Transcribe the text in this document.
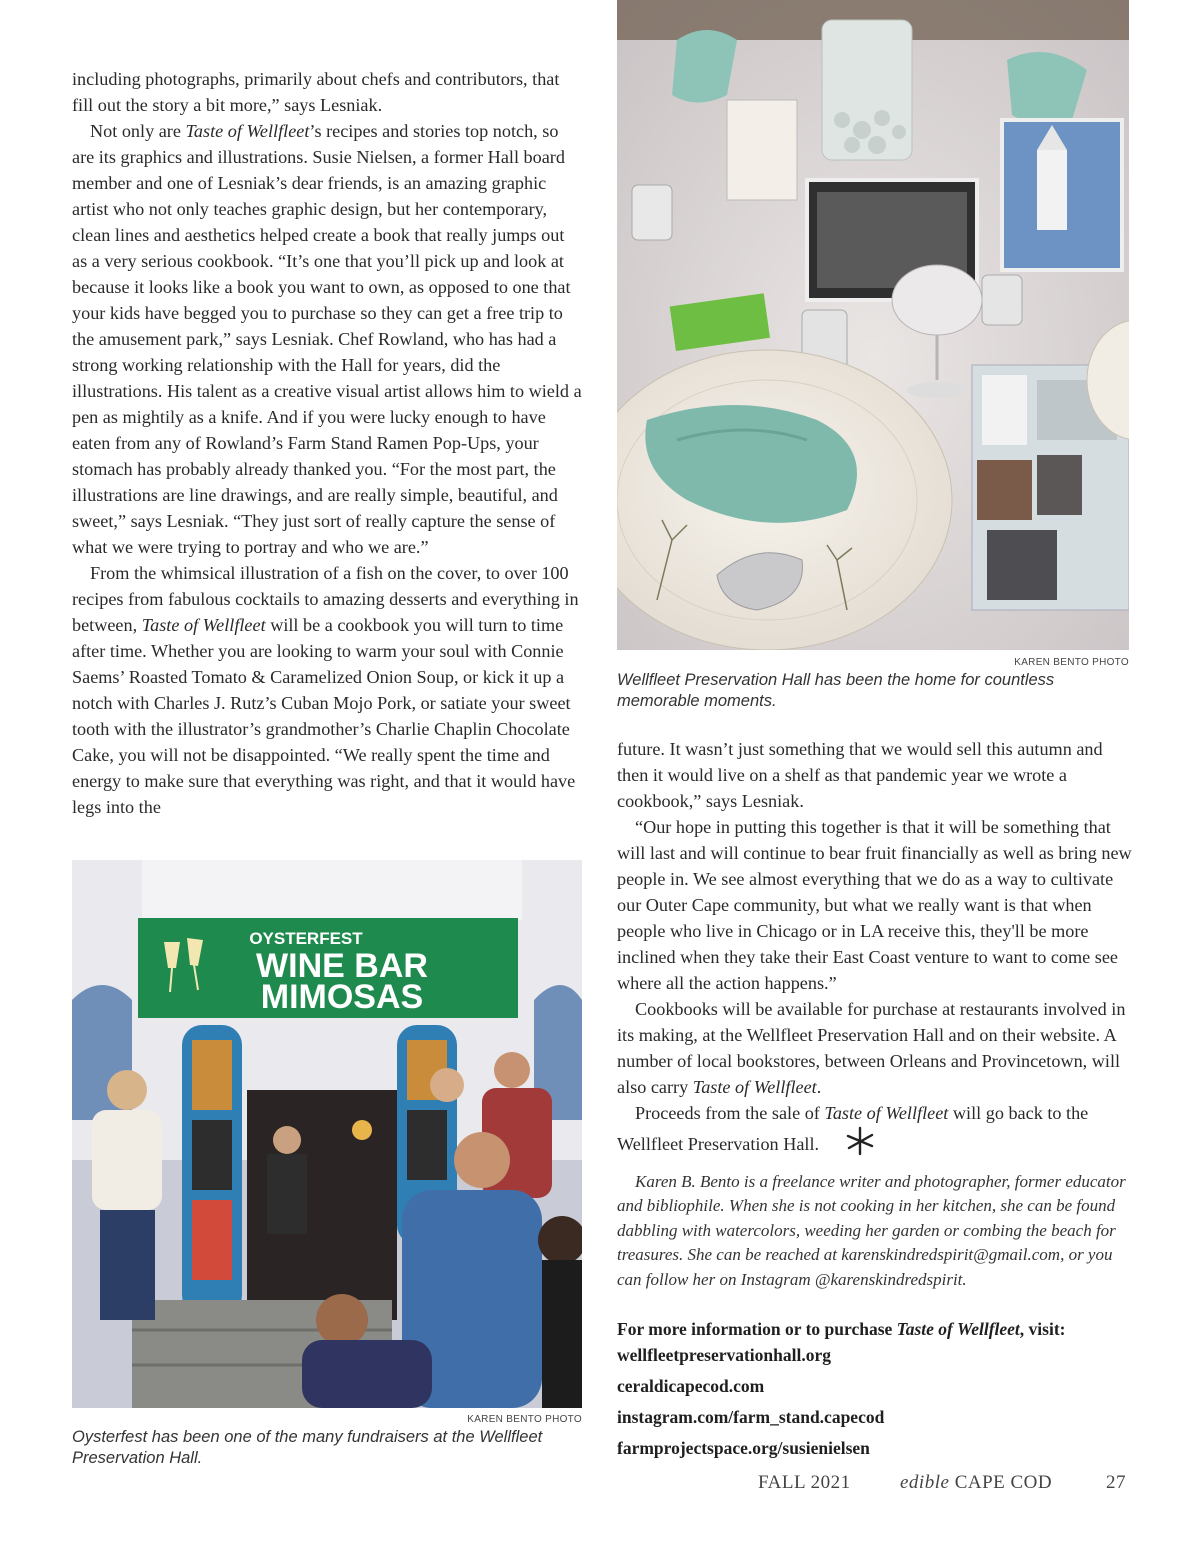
including photographs, primarily about chefs and contributors, that fill out the story a bit more,” says Lesniak.

Not only are Taste of Wellfleet’s recipes and stories top notch, so are its graphics and illustrations. Susie Nielsen, a former Hall board member and one of Lesniak’s dear friends, is an amazing graphic artist who not only teaches graphic design, but her contemporary, clean lines and aesthetics helped create a book that really jumps out as a very serious cookbook. “It’s one that you’ll pick up and look at because it looks like a book you want to own, as opposed to one that your kids have begged you to purchase so they can get a free trip to the amusement park,” says Lesniak. Chef Rowland, who has had a strong working relationship with the Hall for years, did the illustrations. His talent as a creative visual artist allows him to wield a pen as mightily as a knife. And if you were lucky enough to have eaten from any of Rowland’s Farm Stand Ramen Pop-Ups, your stomach has probably already thanked you. “For the most part, the illustrations are line drawings, and are really simple, beautiful, and sweet,” says Lesniak. “They just sort of really capture the sense of what we were trying to portray and who we are.”

From the whimsical illustration of a fish on the cover, to over 100 recipes from fabulous cocktails to amazing desserts and everything in between, Taste of Wellfleet will be a cookbook you will turn to time after time. Whether you are looking to warm your soul with Connie Saems’ Roasted Tomato & Caramelized Onion Soup, or kick it up a notch with Charles J. Rutz’s Cuban Mojo Pork, or satiate your sweet tooth with the illustrator’s grandmother’s Charlie Chaplin Chocolate Cake, you will not be disappointed. “We really spent the time and energy to make sure that everything was right, and that it would have legs into the

KAREN BENTO PHOTO
Wellfleet Preservation Hall has been the home for countless memorable moments.

future. It wasn’t just something that we would sell this autumn and then it would live on a shelf as that pandemic year we wrote a cookbook,” says Lesniak.

“Our hope in putting this together is that it will be something that will last and will continue to bear fruit financially as well as bring new people in. We see almost everything that we do as a way to cultivate our Outer Cape community, but what we really want is that when people who live in Chicago or in LA receive this, they'll be more inclined when they take their East Coast venture to want to come see where all the action happens.”

Cookbooks will be available for purchase at restaurants involved in its making, at the Wellfleet Preservation Hall and on their website. A number of local bookstores, between Orleans and Provincetown, will also carry Taste of Wellfleet.

Proceeds from the sale of Taste of Wellfleet will go back to the Wellfleet Preservation Hall.

Karen B. Bento is a freelance writer and photographer, former educator and bibliophile. When she is not cooking in her kitchen, she can be found dabbling with watercolors, weeding her garden or combing the beach for treasures. She can be reached at karenskindredspirit@gmail.com, or you can follow her on Instagram @karenskindredspirit.
For more information or to purchase Taste of Wellfleet, visit:
wellfleetpreservationhall.org
ceraldicapecod.com
instagram.com/farm_stand.capecod
farmprojectspace.org/susienielsen
OYSTERFEST
WINE BAR
MIMOSAS
KAREN BENTO PHOTO
Oysterfest has been one of the many fundraisers at the Wellfleet Preservation Hall.
FALL 2021	edible CAPE COD	27
